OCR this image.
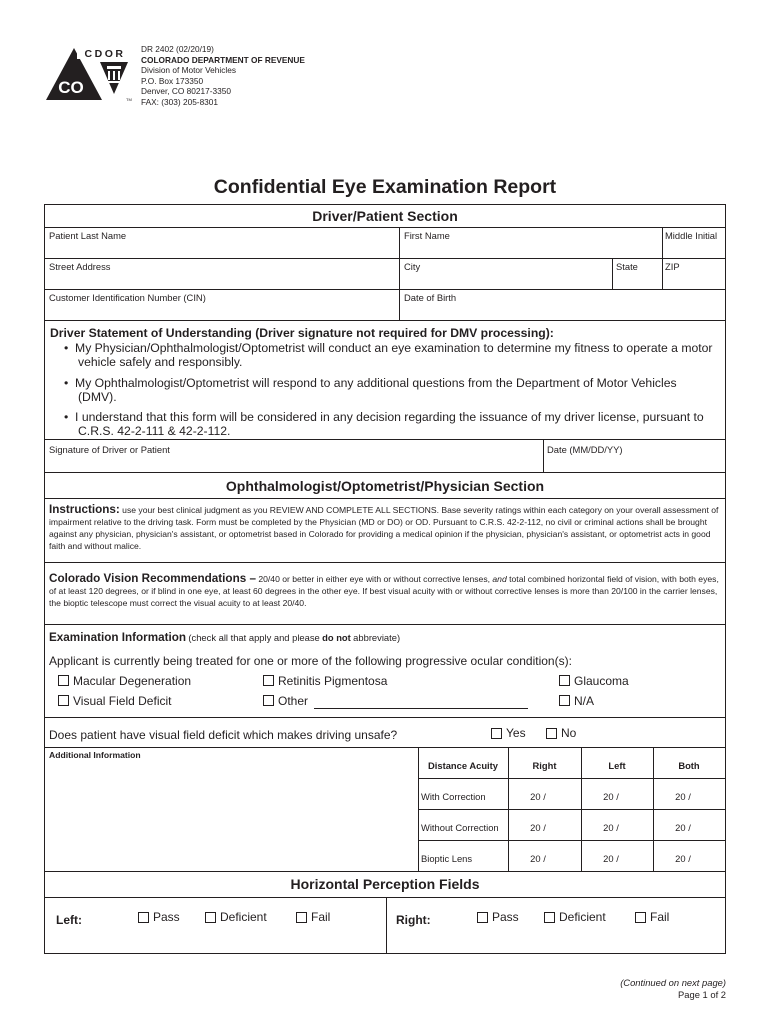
CO
CDOR
TM
DR 2402 (02/20/19)
COLORADO DEPARTMENT OF REVENUE
Division of Motor Vehicles
P.O. Box 173350
Denver, CO 80217-3350
FAX: (303) 205-8301
Confidential Eye Examination Report
Driver/Patient Section
Patient Last Name	First Name	Middle Initial
Street Address	City	State	ZIP
Customer Identification Number (CIN)	Date of Birth
Driver Statement of Understanding (Driver signature not required for DMV processing):
•  My Physician/Ophthalmologist/Optometrist will conduct an eye examination to determine my fitness to operate a motor vehicle safely and responsibly.
•  My Ophthalmologist/Optometrist will respond to any additional questions from the Department of Motor Vehicles (DMV).
•  I understand that this form will be considered in any decision regarding the issuance of my driver license, pursuant to C.R.S. 42-2-111 & 42-2-112.
Signature of Driver or Patient	Date (MM/DD/YY)
Ophthalmologist/Optometrist/Physician Section
Instructions: use your best clinical judgment as you REVIEW AND COMPLETE ALL SECTIONS. Base severity ratings within each category on your overall assessment of impairment relative to the driving task. Form must be completed by the Physician (MD or DO) or OD. Pursuant to C.R.S. 42-2-112, no civil or criminal actions shall be brought against any physician, physician's assistant, or optometrist based in Colorado for providing a medical opinion if the physician, physician's assistant, or optometrist acts in good faith and without malice.
Colorado Vision Recommendations – 20/40 or better in either eye with or without corrective lenses, and total combined horizontal field of vision, with both eyes, of at least 120 degrees, or if blind in one eye, at least 60 degrees in the other eye. If best visual acuity with or without corrective lenses is more than 20/100 in the carrier lenses, the bioptic telescope must correct the visual acuity to at least 20/40.
Examination Information (check all that apply and please do not abbreviate)
Applicant is currently being treated for one or more of the following progressive ocular condition(s):
Macular Degeneration	Retinitis Pigmentosa	Glaucoma
Visual Field Deficit	Other	N/A
Does patient have visual field deficit which makes driving unsafe?	Yes	No
Additional Information
Distance Acuity	Right	Left	Both
With Correction	20 /	20 /	20 /
Without Correction	20 /	20 /	20 /
Bioptic Lens	20 /	20 /	20 /
Horizontal Perception Fields
Left:	Pass	Deficient	Fail	Right:	Pass	Deficient	Fail
(Continued on next page)
Page 1 of 2
